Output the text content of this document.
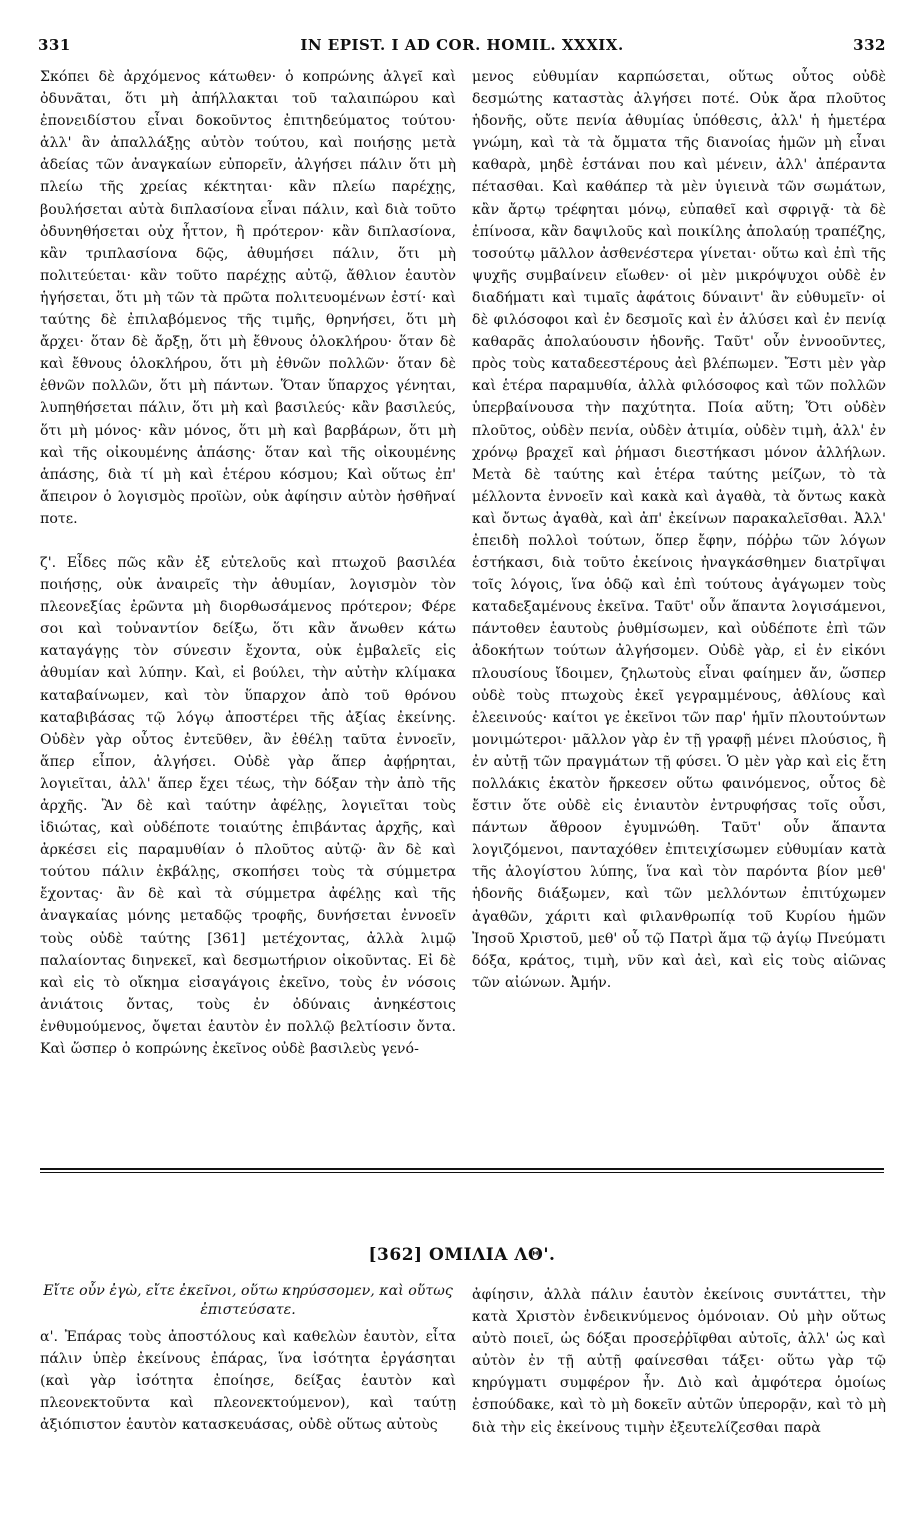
331	IN EPIST. I AD COR. HOMIL. XXXIX.	332

Σκόπει δὲ ἀρχόμενος κάτωθεν· ὁ κοπρώνης ἀλγεῖ καὶ ὀδυνᾶται, ὅτι μὴ ἀπήλλακται τοῦ ταλαιπώρου καὶ ἐπονειδίστου εἶναι δοκοῦντος ἐπιτηδεύματος τούτου· ἀλλ' ἂν ἀπαλλάξῃς αὐτὸν τούτου, καὶ ποιήσῃς μετὰ ἀδείας τῶν ἀναγκαίων εὐπορεῖν, ἀλγήσει πάλιν ὅτι μὴ πλείω τῆς χρείας κέκτηται· κἂν πλείω παρέχῃς, βουλήσεται αὐτὰ διπλασίονα εἶναι πάλιν, καὶ διὰ τοῦτο ὀδυνηθήσεται οὐχ ἧττον, ἢ πρότερον· κἂν διπλασίονα, κἂν τριπλασίονα δῷς, ἀθυμήσει πάλιν, ὅτι μὴ πολιτεύεται· κἂν τοῦτο παρέχῃς αὐτῷ, ἄθλιον ἑαυτὸν ἡγήσεται, ὅτι μὴ τῶν τὰ πρῶτα πολιτευομένων ἐστί· καὶ ταύτης δὲ ἐπιλαβόμενος τῆς τιμῆς, θρηνήσει, ὅτι μὴ ἄρχει· ὅταν δὲ ἄρξῃ, ὅτι μὴ ἔθνους ὁλοκλήρου· ὅταν δὲ καὶ ἔθνους ὁλοκλήρου, ὅτι μὴ ἐθνῶν πολλῶν· ὅταν δὲ ἐθνῶν πολλῶν, ὅτι μὴ πάντων. Ὅταν ὕπαρχος γένηται, λυπηθήσεται πάλιν, ὅτι μὴ καὶ βασιλεύς· κἂν βασιλεύς, ὅτι μὴ μόνος· κἂν μόνος, ὅτι μὴ καὶ βαρβάρων, ὅτι μὴ καὶ τῆς οἰκουμένης ἁπάσης· ὅταν καὶ τῆς οἰκουμένης ἁπάσης, διὰ τί μὴ καὶ ἑτέρου κόσμου; Καὶ οὕτως ἐπ' ἄπειρον ὁ λογισμὸς προϊὼν, οὐκ ἀφίησιν αὐτὸν ἡσθῆναί ποτε.

ζ'. Εἶδες πῶς κἂν ἐξ εὐτελοῦς καὶ πτωχοῦ βασιλέα ποιήσῃς, οὐκ ἀναιρεῖς τὴν ἀθυμίαν, λογισμὸν τὸν πλεονεξίας ἐρῶντα μὴ διορθωσάμενος πρότερον; Φέρε σοι καὶ τοὐναντίον δείξω, ὅτι κἂν ἄνωθεν κάτω καταγάγῃς τὸν σύνεσιν ἔχοντα, οὐκ ἐμβαλεῖς εἰς ἀθυμίαν καὶ λύπην. Καὶ, εἰ βούλει, τὴν αὐτὴν κλίμακα καταβαίνωμεν, καὶ τὸν ὕπαρχον ἀπὸ τοῦ θρόνου καταβιβάσας τῷ λόγῳ ἀποστέρει τῆς ἀξίας ἐκείνης. Οὐδὲν γὰρ οὗτος ἐντεῦθεν, ἂν ἐθέλῃ ταῦτα ἐννοεῖν, ἅπερ εἶπον, ἀλγήσει. Οὐδὲ γὰρ ἅπερ ἀφῄρηται, λογιεῖται, ἀλλ' ἅπερ ἔχει τέως, τὴν δόξαν τὴν ἀπὸ τῆς ἀρχῆς. Ἂν δὲ καὶ ταύτην ἀφέλῃς, λογιεῖται τοὺς ἰδιώτας, καὶ οὐδέποτε τοιαύτης ἐπιβάντας ἀρχῆς, καὶ ἀρκέσει εἰς παραμυθίαν ὁ πλοῦτος αὐτῷ· ἂν δὲ καὶ τούτου πάλιν ἐκβάλῃς, σκοπήσει τοὺς τὰ σύμμετρα ἔχοντας· ἂν δὲ καὶ τὰ σύμμετρα ἀφέλῃς καὶ τῆς ἀναγκαίας μόνης μεταδῷς τροφῆς, δυνήσεται ἐννοεῖν τοὺς οὐδὲ ταύτης [361] μετέχοντας, ἀλλὰ λιμῷ παλαίοντας διηνεκεῖ, καὶ δεσμωτήριον οἰκοῦντας. Εἰ δὲ καὶ εἰς τὸ οἴκημα εἰσαγάγοις ἐκεῖνο, τοὺς ἐν νόσοις ἀνιάτοις ὄντας, τοὺς ἐν ὀδύναις ἀνηκέστοις ἐνθυμούμενος, ὄψεται ἑαυτὸν ἐν πολλῷ βελτίοσιν ὄντα. Καὶ ὥσπερ ὁ κοπρώνης ἐκεῖνος οὐδὲ βασιλεὺς γενό-

μενος εὐθυμίαν καρπώσεται, οὕτως οὗτος οὐδὲ δεσμώτης καταστὰς ἀλγήσει ποτέ. Οὐκ ἄρα πλοῦτος ἡδονῆς, οὔτε πενία ἀθυμίας ὑπόθεσις, ἀλλ' ἡ ἡμετέρα γνώμη, καὶ τὰ τὰ ὄμματα τῆς διανοίας ἡμῶν μὴ εἶναι καθαρὰ, μηδὲ ἑστάναι που καὶ μένειν, ἀλλ' ἀπέραντα πέτασθαι. Καὶ καθάπερ τὰ μὲν ὑγιεινὰ τῶν σωμάτων, κἂν ἄρτῳ τρέφηται μόνῳ, εὐπαθεῖ καὶ σφριγᾷ· τὰ δὲ ἐπίνοσα, κἂν δαψιλοῦς καὶ ποικίλης ἀπολαύῃ τραπέζης, τοσούτῳ μᾶλλον ἀσθενέστερα γίνεται· οὕτω καὶ ἐπὶ τῆς ψυχῆς συμβαίνειν εἴωθεν· οἱ μὲν μικρόψυχοι οὐδὲ ἐν διαδήματι καὶ τιμαῖς ἀφάτοις δύναιντ' ἂν εὐθυμεῖν· οἱ δὲ φιλόσοφοι καὶ ἐν δεσμοῖς καὶ ἐν ἁλύσει καὶ ἐν πενίᾳ καθαρᾶς ἀπολαύουσιν ἡδονῆς. Ταῦτ' οὖν ἐννοοῦντες, πρὸς τοὺς καταδεεστέρους ἀεὶ βλέπωμεν. Ἔστι μὲν γὰρ καὶ ἑτέρα παραμυθία, ἀλλὰ φιλόσοφος καὶ τῶν πολλῶν ὑπερβαίνουσα τὴν παχύτητα. Ποία αὕτη; Ὅτι οὐδὲν πλοῦτος, οὐδὲν πενία, οὐδὲν ἀτιμία, οὐδὲν τιμὴ, ἀλλ' ἐν χρόνῳ βραχεῖ καὶ ῥήμασι διεστήκασι μόνον ἀλλήλων. Μετὰ δὲ ταύτης καὶ ἑτέρα ταύτης μείζων, τὸ τὰ μέλλοντα ἐννοεῖν καὶ κακὰ καὶ ἀγαθὰ, τὰ ὄντως κακὰ καὶ ὄντως ἀγαθὰ, καὶ ἀπ' ἐκείνων παρακαλεῖσθαι. Ἀλλ' ἐπειδὴ πολλοὶ τούτων, ὅπερ ἔφην, πόῤῥω τῶν λόγων ἑστήκασι, διὰ τοῦτο ἐκείνοις ἠναγκάσθημεν διατρῖψαι τοῖς λόγοις, ἵνα ὁδῷ καὶ ἐπὶ τούτους ἀγάγωμεν τοὺς καταδεξαμένους ἐκεῖνα. Ταῦτ' οὖν ἅπαντα λογισάμενοι, πάντοθεν ἑαυτοὺς ῥυθμίσωμεν, καὶ οὐδέποτε ἐπὶ τῶν ἀδοκήτων τούτων ἀλγήσομεν. Οὐδὲ γὰρ, εἰ ἐν εἰκόνι πλουσίους ἴδοιμεν, ζηλωτοὺς εἶναι φαίημεν ἄν, ὥσπερ οὐδὲ τοὺς πτωχοὺς ἐκεῖ γεγραμμένους, ἀθλίους καὶ ἐλεεινούς· καίτοι γε ἐκεῖνοι τῶν παρ' ἡμῖν πλουτούντων μονιμώτεροι· μᾶλλον γὰρ ἐν τῇ γραφῇ μένει πλούσιος, ἢ ἐν αὐτῇ τῶν πραγμάτων τῇ φύσει. Ὁ μὲν γὰρ καὶ εἰς ἔτη πολλάκις ἑκατὸν ἤρκεσεν οὕτω φαινόμενος, οὗτος δὲ ἔστιν ὅτε οὐδὲ εἰς ἐνιαυτὸν ἐντρυφήσας τοῖς οὖσι, πάντων ἄθροον ἐγυμνώθη. Ταῦτ' οὖν ἅπαντα λογιζόμενοι, πανταχόθεν ἐπιτειχίσωμεν εὐθυμίαν κατὰ τῆς ἀλογίστου λύπης, ἵνα καὶ τὸν παρόντα βίον μεθ' ἡδονῆς διάξωμεν, καὶ τῶν μελλόντων ἐπιτύχωμεν ἀγαθῶν, χάριτι καὶ φιλανθρωπίᾳ τοῦ Κυρίου ἡμῶν Ἰησοῦ Χριστοῦ, μεθ' οὗ τῷ Πατρὶ ἅμα τῷ ἁγίῳ Πνεύματι δόξα, κράτος, τιμὴ, νῦν καὶ ἀεὶ, καὶ εἰς τοὺς αἰῶνας τῶν αἰώνων. Ἀμήν.

[362] ΟΜΙΛΙΑ ΛΘ'.
Εἴτε οὖν ἐγὼ, εἴτε ἐκεῖνοι, οὕτω κηρύσσομεν, καὶ οὕτως ἐπιστεύσατε.

α'. Ἐπάρας τοὺς ἀποστόλους καὶ καθελὼν ἑαυτὸν, εἶτα πάλιν ὑπὲρ ἐκείνους ἐπάρας, ἵνα ἰσότητα ἐργάσηται (καὶ γὰρ ἰσότητα ἐποίησε, δείξας ἑαυτὸν καὶ πλεονεκτοῦντα καὶ πλεονεκτούμενον), καὶ ταύτῃ ἀξιόπιστον ἑαυτὸν κατασκευάσας, οὐδὲ οὕτως αὐτοὺς

ἀφίησιν, ἀλλὰ πάλιν ἑαυτὸν ἐκείνοις συντάττει, τὴν κατὰ Χριστὸν ἐνδεικνύμενος ὁμόνοιαν. Οὐ μὴν οὕτως αὐτὸ ποιεῖ, ὡς δόξαι προσεῤῥῖφθαι αὐτοῖς, ἀλλ' ὡς καὶ αὐτὸν ἐν τῇ αὐτῇ φαίνεσθαι τάξει· οὕτω γὰρ τῷ κηρύγματι συμφέρον ἦν. Διὸ καὶ ἀμφότερα ὁμοίως ἐσπούδακε, καὶ τὸ μὴ δοκεῖν αὐτῶν ὑπερορᾷν, καὶ τὸ μὴ διὰ τὴν εἰς ἐκείνους τιμὴν ἐξευτελίζεσθαι παρὰ
